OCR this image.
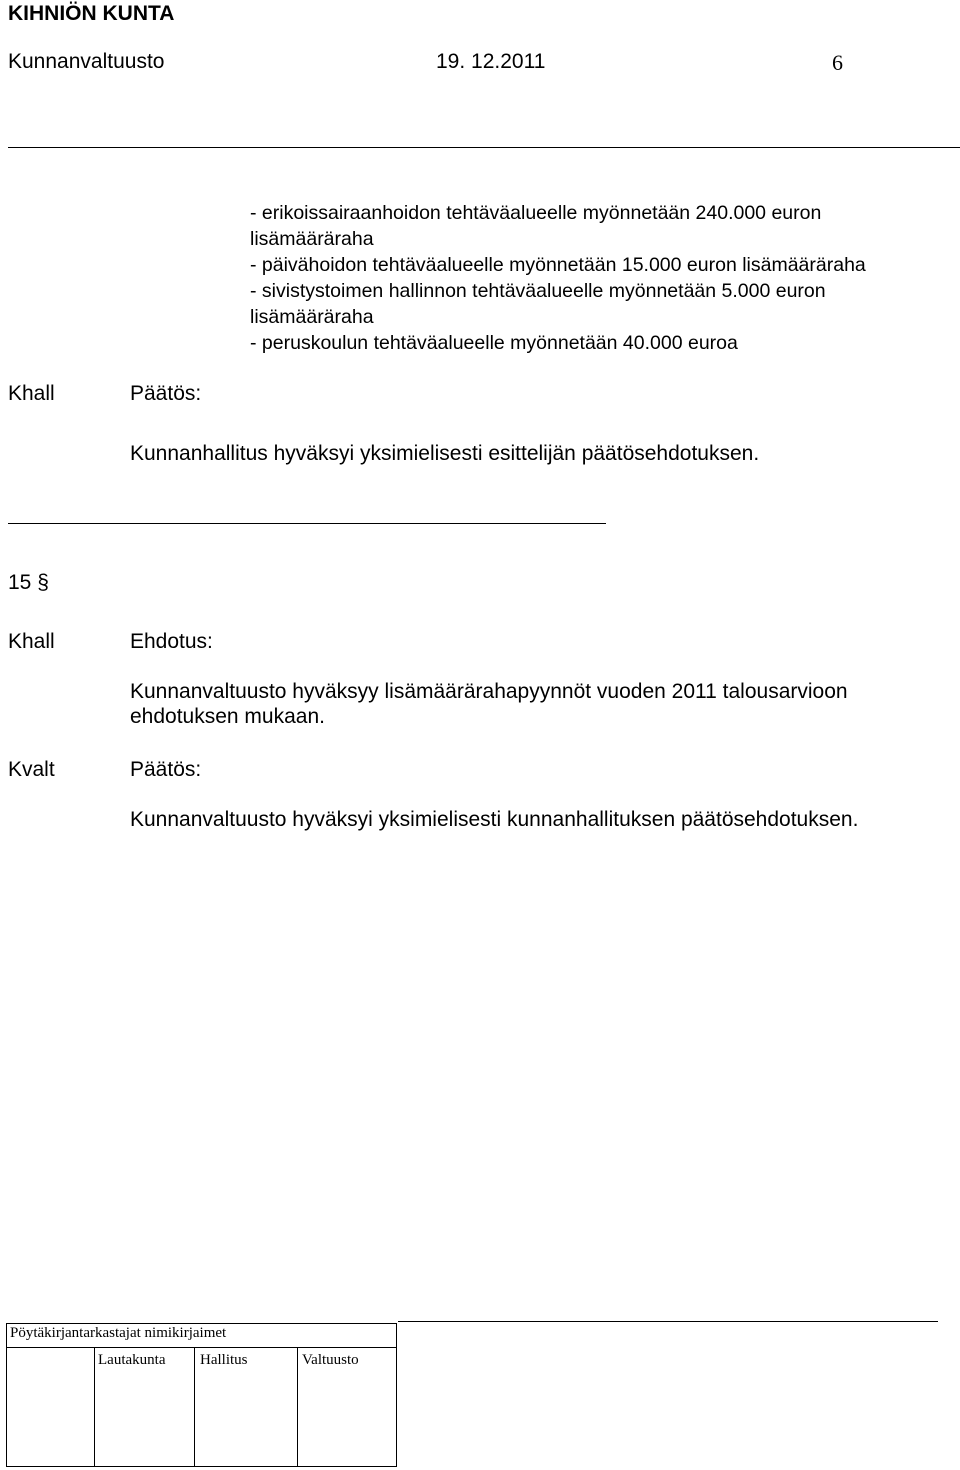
KIHNIÖN KUNTA
Kunnanvaltuusto	19. 12.2011	6
- erikoissairaanhoidon tehtäväalueelle myönnetään 240.000 euron
lisämääräraha
- päivähoidon tehtäväalueelle myönnetään 15.000 euron lisämääräraha
- sivistystoimen hallinnon tehtäväalueelle myönnetään 5.000 euron
lisämääräraha
- peruskoulun tehtäväalueelle myönnetään 40.000 euroa
Khall	Päätös:
Kunnanhallitus hyväksyi yksimielisesti esittelijän päätösehdotuksen.
15 §
Khall	Ehdotus:
Kunnanvaltuusto hyväksyy lisämäärärahapyynnöt vuoden 2011 talousarvioon
ehdotuksen mukaan.
Kvalt	Päätös:
Kunnanvaltuusto hyväksyi yksimielisesti kunnanhallituksen päätösehdotuksen.
Pöytäkirjantarkastajat nimikirjaimet
Lautakunta Hallitus	Valtuusto
